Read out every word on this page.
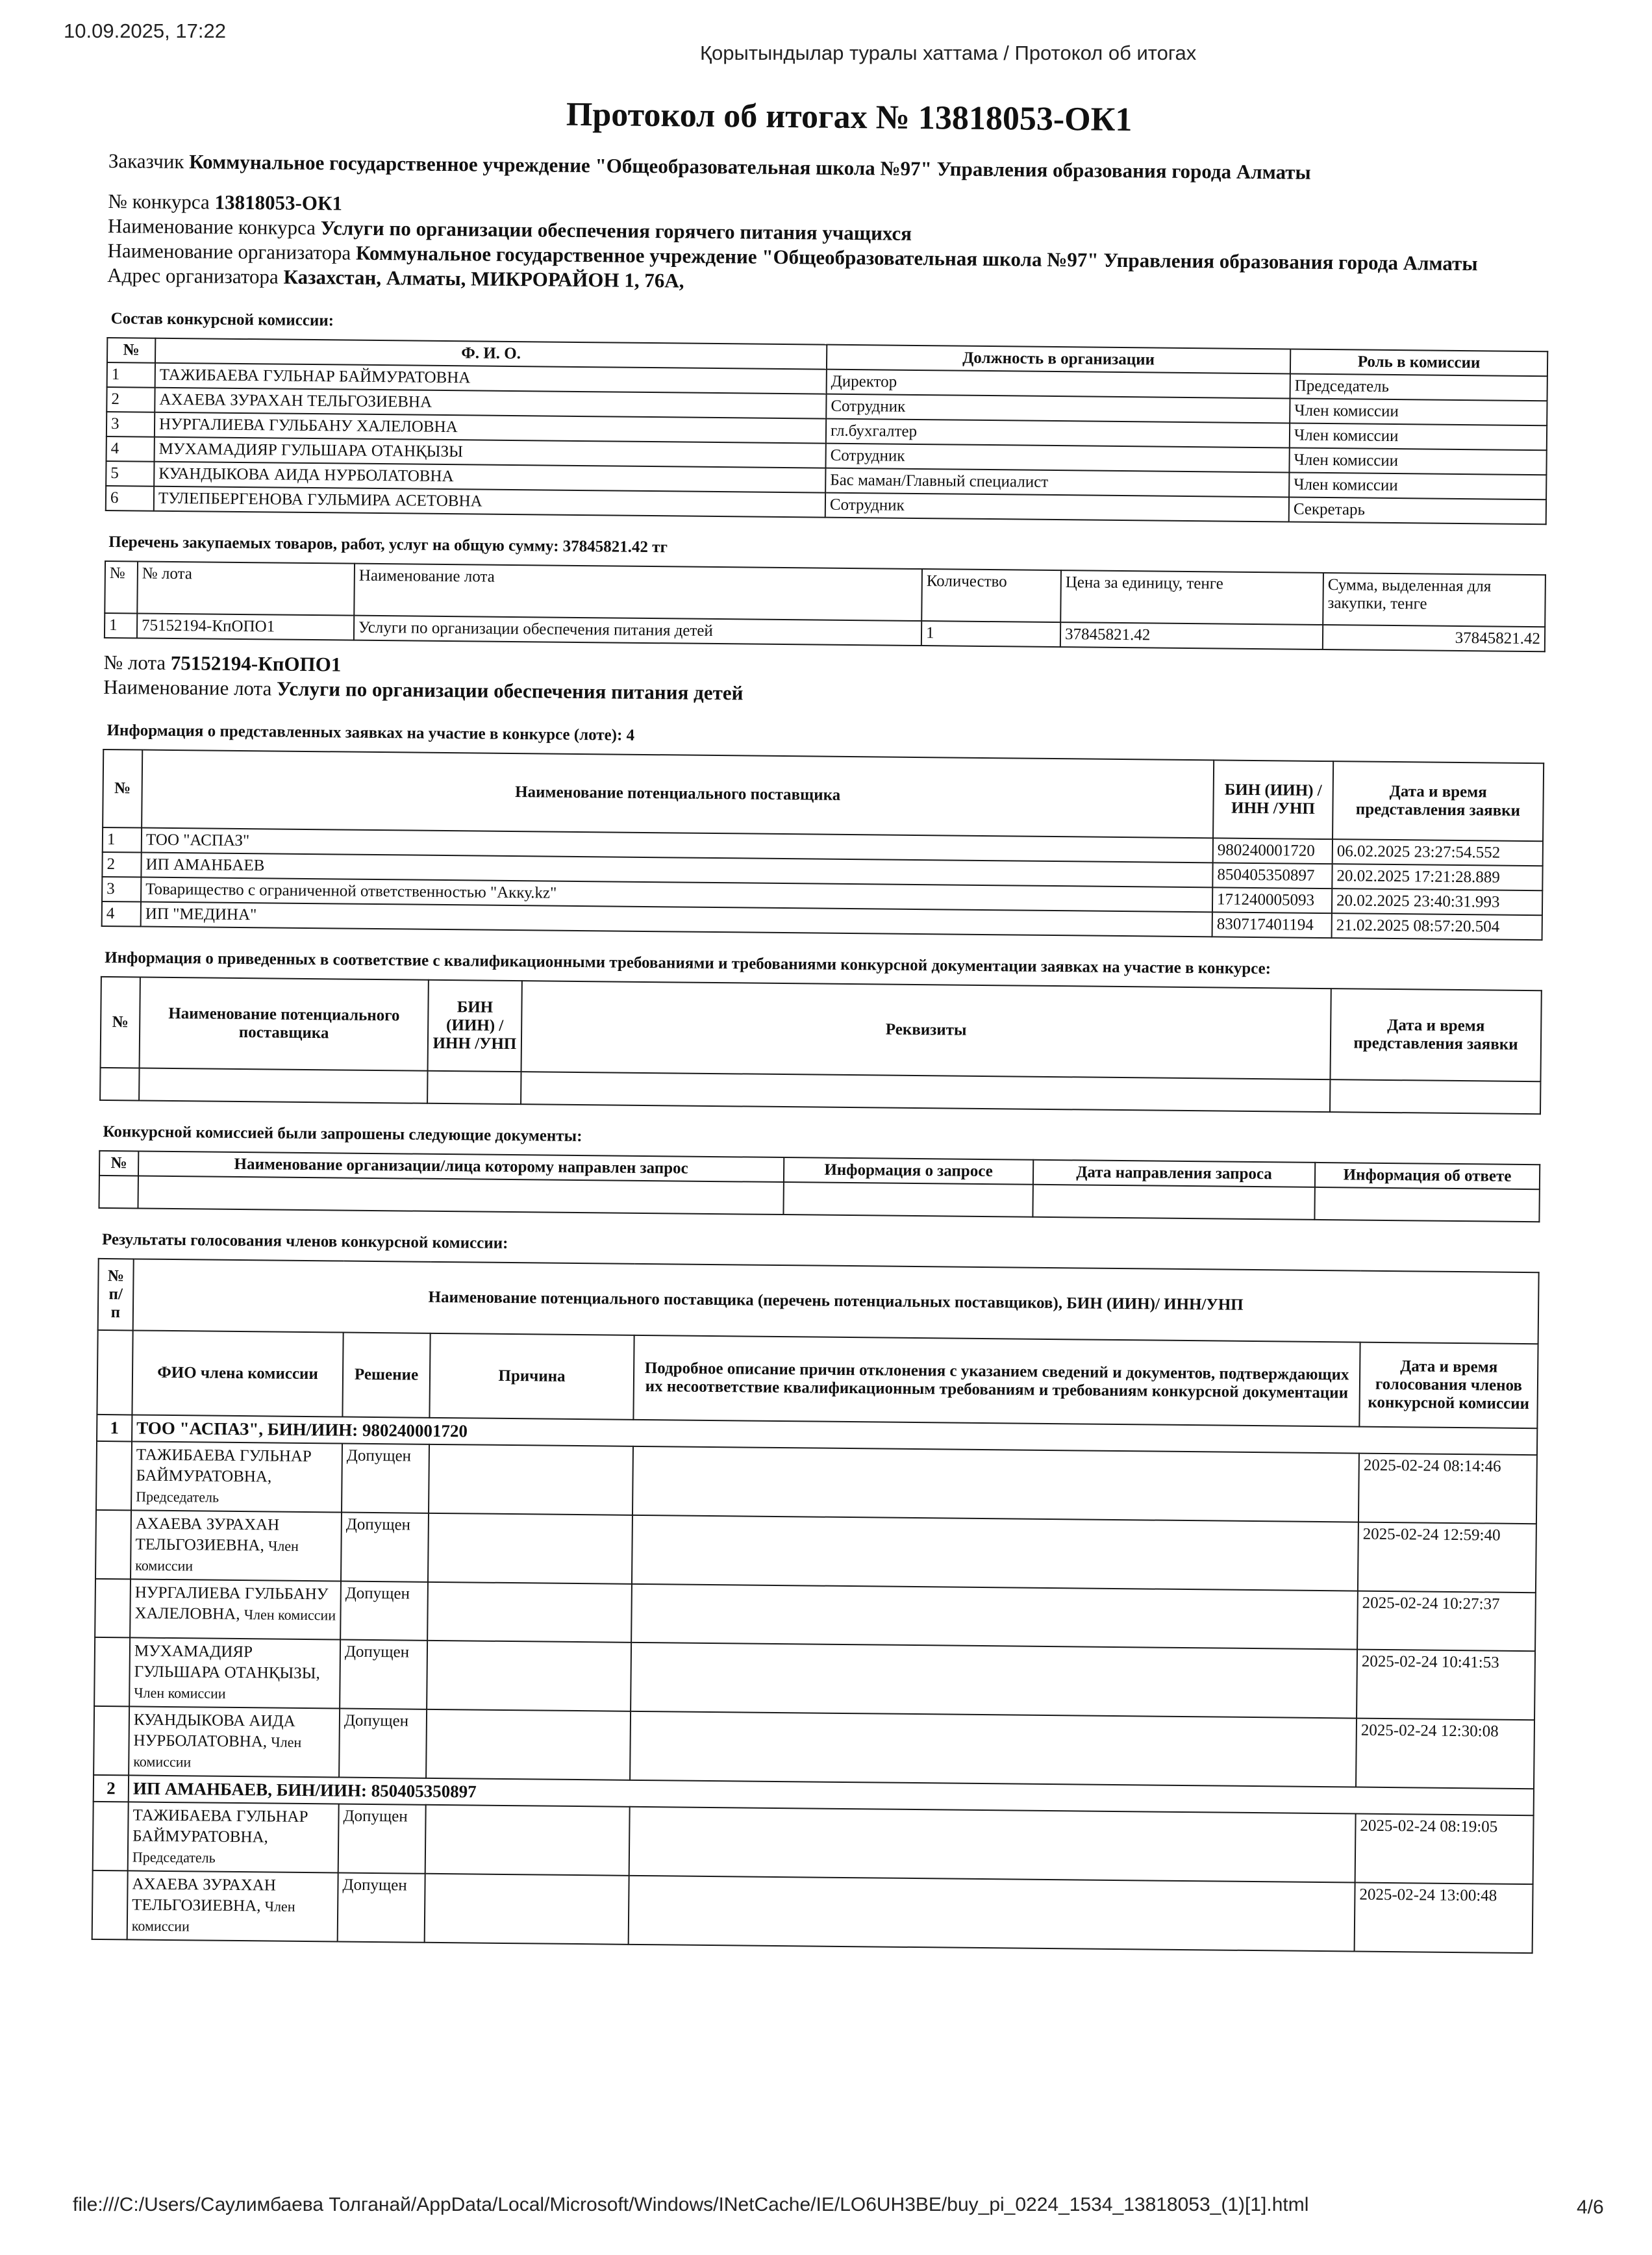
10.09.2025, 17:22
Қорытындылар туралы хаттама / Протокол об итогах
Протокол об итогах № 13818053-ОК1

Заказчик Коммунальное государственное учреждение "Общеобразовательная школа №97" Управления образования города Алматы

№ конкурса 13818053-ОК1

Наименование конкурса Услуги по организации обеспечения горячего питания учащихся

Наименование организатора Коммунальное государственное учреждение "Общеобразовательная школа №97" Управления образования города Алматы

Адрес организатора Казахстан, Алматы, МИКРОРАЙОН 1, 76А,

Состав конкурсной комиссии:
№	Ф. И. О.	Должность в организации	Роль в комиссии
1	ТАЖИБАЕВА ГУЛЬНАР БАЙМУРАТОВНА	Директор	Председатель
2	АХАЕВА ЗУРАХАН ТЕЛЬГОЗИЕВНА	Сотрудник	Член комиссии
3	НУРГАЛИЕВА ГУЛЬБАНУ ХАЛЕЛОВНА	гл.бухгалтер	Член комиссии
4	МУХАМАДИЯР ГУЛЬШАРА ОТАНҚЫЗЫ	Сотрудник	Член комиссии
5	КУАНДЫКОВА АИДА НУРБОЛАТОВНА	Бас маман/Главный специалист	Член комиссии
6	ТУЛЕПБЕРГЕНОВА ГУЛЬМИРА АСЕТОВНА	Сотрудник	Секретарь
Перечень закупаемых товаров, работ, услуг на общую сумму: 37845821.42 тг
№	№ лота	Наименование лота	Количество	Цена за единицу, тенге	Сумма, выделенная для закупки, тенге
1	75152194-КпОПО1	Услуги по организации обеспечения питания детей	1	37845821.42	37845821.42

№ лота 75152194-КпОПО1

Наименование лота Услуги по организации обеспечения питания детей

Информация о представленных заявках на участие в конкурсе (лоте): 4
№	Наименование потенциального поставщика	БИН (ИИН) /ИНН /УНП	Дата и время представления заявки
1	ТОО "АСПАЗ"	980240001720	06.02.2025 23:27:54.552
2	ИП АМАНБАЕВ	850405350897	20.02.2025 17:21:28.889
3	Товарищество с ограниченной ответственностью "Акку.kz"	171240005093	20.02.2025 23:40:31.993
4	ИП "МЕДИНА"	830717401194	21.02.2025 08:57:20.504
Информация о приведенных в соответствие с квалификационными требованиями и требованиями конкурсной документации заявках на участие в конкурсе:
№	Наименование потенциального поставщика	БИН (ИИН) /ИНН /УНП	Реквизиты	Дата и время представления заявки

Конкурсной комиссией были запрошены следующие документы:
№	Наименование организации/лица которому направлен запрос	Информация о запросе	Дата направления запроса	Информация об ответе

Результаты голосования членов конкурсной комиссии:
№ п/ п	Наименование потенциального поставщика (перечень потенциальных поставщиков), БИН (ИИН)/ ИНН/УНП				
	ФИО члена комиссии	Решение	Причина	Подробное описание причин отклонения с указанием сведений и документов, подтверждающих их несоответствие квалификационным требованиям и требованиям конкурсной документации	Дата и время голосования членов конкурсной комиссии
1	ТОО "АСПАЗ", БИН/ИИН: 980240001720				
	ТАЖИБАЕВА ГУЛЬНАР БАЙМУРАТОВНА, Председатель	Допущен			2025-02-24 08:14:46
	АХАЕВА ЗУРАХАН ТЕЛЬГОЗИЕВНА, Член комиссии	Допущен			2025-02-24 12:59:40
	НУРГАЛИЕВА ГУЛЬБАНУ ХАЛЕЛОВНА, Член комиссии	Допущен			2025-02-24 10:27:37
	МУХАМАДИЯР ГУЛЬШАРА ОТАНҚЫЗЫ, Член комиссии	Допущен			2025-02-24 10:41:53
	КУАНДЫКОВА АИДА НУРБОЛАТОВНА, Член комиссии	Допущен			2025-02-24 12:30:08
2	ИП АМАНБАЕВ, БИН/ИИН: 850405350897				
	ТАЖИБАЕВА ГУЛЬНАР БАЙМУРАТОВНА, Председатель	Допущен			2025-02-24 08:19:05
	АХАЕВА ЗУРАХАН ТЕЛЬГОЗИЕВНА, Член комиссии	Допущен			2025-02-24 13:00:48
file:///C:/Users/Саулимбаева Толганай/AppData/Local/Microsoft/Windows/INetCache/IE/LO6UH3BE/buy_pi_0224_1534_13818053_(1)[1].html	4/6
